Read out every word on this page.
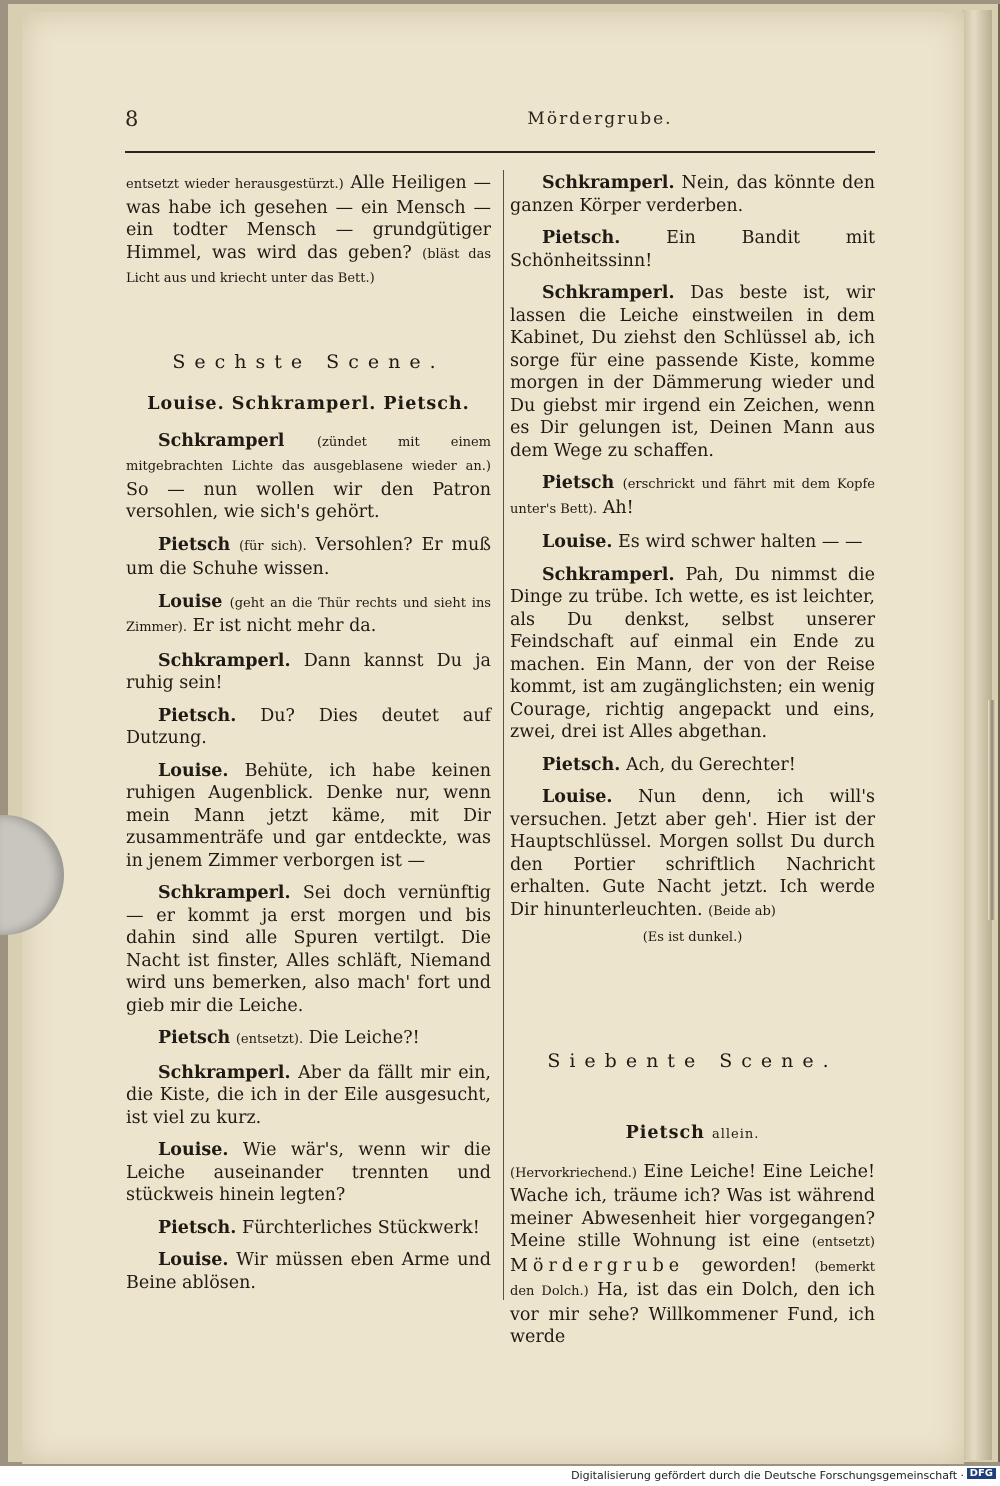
8	Mördergrube.

entsetzt wieder herausgestürzt.) Alle Heiligen — was habe ich gesehen — ein Mensch — ein todter Mensch — grundgütiger Himmel, was wird das geben? (bläst das Licht aus und kriecht unter das Bett.)

Sechste Scene.
Louise. Schkramperl. Pietsch.

Schkramperl	(zündet mit einem mitgebrachten Lichte das ausgeblasene wieder an.) So — nun wollen wir den Patron versohlen, wie sich's gehört.

Pietsch (für sich). Versohlen? Er muß um die Schuhe wissen.

Louise (geht an die Thür rechts und sieht ins Zimmer). Er ist nicht mehr da.

Schkramperl. Dann kannst Du ja ruhig sein!

Pietsch. Du? Dies deutet auf Dutzung.

Louise. Behüte, ich habe keinen ruhigen Augenblick. Denke nur, wenn mein Mann jetzt käme, mit Dir zusammenträfe und gar entdeckte, was in jenem Zimmer verborgen ist —

Schkramperl. Sei doch vernünftig — er kommt ja erst morgen und bis dahin sind alle Spuren vertilgt. Die Nacht ist finster, Alles schläft, Niemand wird uns bemerken, also mach' fort und gieb mir die Leiche.

Pietsch (entsetzt). Die Leiche?!

Schkramperl. Aber da fällt mir ein, die Kiste, die ich in der Eile ausgesucht, ist viel zu kurz.

Louise. Wie wär's, wenn wir die Leiche auseinander trennten und stückweis hinein legten?

Pietsch. Fürchterliches Stückwerk!

Louise. Wir müssen eben Arme und Beine ablösen.

Schkramperl. Nein, das könnte den ganzen Körper verderben.

Pietsch.	Ein Bandit mit Schönheitssinn!

Schkramperl. Das beste ist, wir lassen die Leiche einstweilen in dem Kabinet, Du ziehst den Schlüssel ab, ich sorge für eine passende Kiste, komme morgen in der Dämmerung wieder und Du giebst mir irgend ein Zeichen, wenn es Dir gelungen ist, Deinen Mann aus dem Wege zu schaffen.

Pietsch (erschrickt und fährt mit dem Kopfe unter's Bett). Ah!

Louise. Es wird schwer halten — —

Schkramperl. Pah, Du nimmst die Dinge zu trübe. Ich wette, es ist leichter, als Du denkst, selbst unserer Feindschaft auf einmal ein Ende zu machen. Ein Mann, der von der Reise kommt, ist am zugänglichsten; ein wenig Courage, richtig angepackt und eins, zwei, drei ist Alles abgethan.

Pietsch. Ach, du Gerechter!

Louise. Nun denn, ich will's versuchen. Jetzt aber geh'. Hier ist der Hauptschlüssel. Morgen sollst Du durch den Portier schriftlich Nachricht erhalten. Gute Nacht jetzt. Ich werde Dir hinunterleuchten. (Beide ab)

(Es ist dunkel.)
Siebente Scene.
Pietsch allein.

(Hervorkriechend.) Eine Leiche! Eine Leiche! Wache ich, träume ich? Was ist während meiner Abwesenheit hier vorgegangen? Meine stille Wohnung ist eine (entsetzt) Mördergrube geworden! (bemerkt den Dolch.) Ha, ist das ein Dolch, den ich vor mir sehe? Willkommener Fund, ich werde

Digitalisierung gefördert durch die Deutsche Forschungsgemeinschaft · DFG
